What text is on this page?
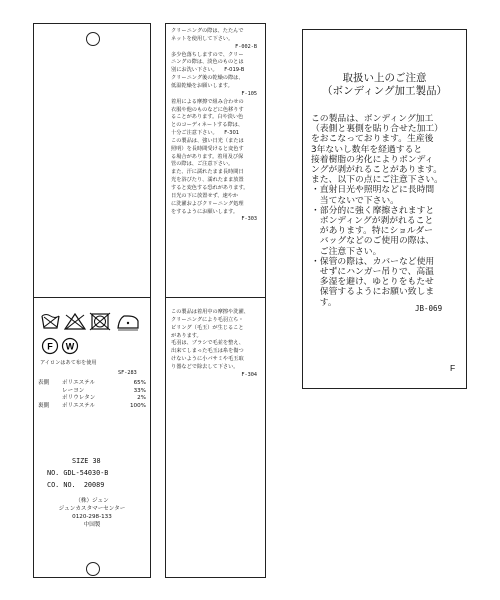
F W
アイロンはあて布を使用
SF-283
表側 ポリエステル	65%
レーヨン	33%
ポリウレタン	2%
裏側 ポリエステル	100%
SIZE 38
NO. GDL-54030-B
CO. NO.  20089
（株）ジュン
ジュンカスタマーセンター
0120-298-133
中国製
クリーニングの際は、たたんで
ネットを使用して下さい。
F-002-B
多少色落ちしますので、クリー
ニングの際は、淡色のものとは
別にお洗い下さい。    F-019-B
クリーニング後の乾燥の際は、
低温乾燥をお願いします。
F-105
着用による摩擦で組み合わせの
衣服や他のものなどに色移りす
ることがあります。白や淡い色
とのコーディネートする際は、
十分ご注意下さい。    F-301
この製品は、強い日光（または
照明）を長時間受けると変色す
る場合があります。着用及び保
管の際は、ご注意下さい。
また、汗に濡れたまま長時間日
光を浴びたり、濡れたまま放置
すると変色する恐れがあります。
日光の下に放置せず、速やか
に洗濯およびクリーニング処理
をするようにお願いします。
F-303
この製品は着用中の摩擦や洗濯、
クリーニングにより毛羽立ち・
ピリング（毛玉）が生じること
があります。
毛羽は、ブラシで毛並を整え、
出来てしまった毛玉は糸を傷つ
けないように小バサミや毛玉取
り器などで除去して下さい。
F-304
取扱い上のご注意
（ボンディング加工製品）
この製品は、ボンディング加工
（表側と裏側を貼り合せた加工）
をおこなっております。生産後
3年ないし数年を経過すると
接着樹脂の劣化によりボンディ
ングが剥がれることがあります。
また、以下の点にご注意下さい。
・直射日光や照明などに長時間
　当てないで下さい。
・部分的に強く摩擦されますと
　ボンディングが剥がれること
　があります。特にショルダー
　バッグなどのご使用の際は、
　ご注意下さい。
・保管の際は、カバーなど使用
　せずにハンガー吊りで、高温
　多湿を避け、ゆとりをもたせ
　保管するようにお願い致しま
　す。
JB-069
F
